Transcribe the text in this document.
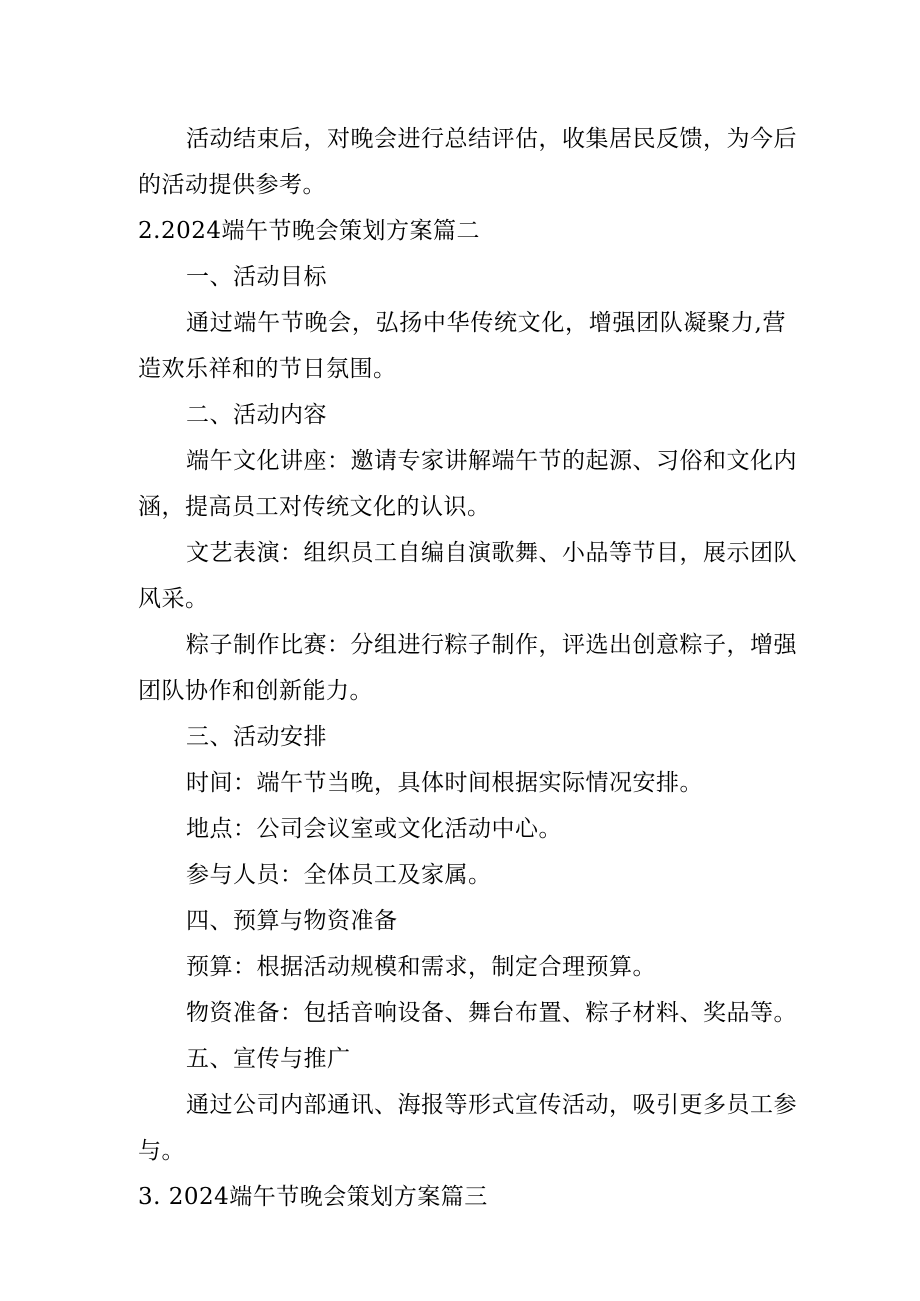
活动结束后，对晚会进行总结评估，收集居民反馈，为今后
的活动提供参考。
2.2024端午节晚会策划方案篇二
一、活动目标
通过端午节晚会，弘扬中华传统文化，增强团队凝聚力,营
造欢乐祥和的节日氛围。
二、活动内容
端午文化讲座：邀请专家讲解端午节的起源、习俗和文化内
涵，提高员工对传统文化的认识。
文艺表演：组织员工自编自演歌舞、小品等节目，展示团队
风采。
粽子制作比赛：分组进行粽子制作，评选出创意粽子，增强
团队协作和创新能力。
三、活动安排
时间：端午节当晚，具体时间根据实际情况安排。
地点：公司会议室或文化活动中心。
参与人员：全体员工及家属。
四、预算与物资准备
预算：根据活动规模和需求，制定合理预算。
物资准备：包括音响设备、舞台布置、粽子材料、奖品等。
五、宣传与推广
通过公司内部通讯、海报等形式宣传活动，吸引更多员工参
与。
3. 2024端午节晚会策划方案篇三
